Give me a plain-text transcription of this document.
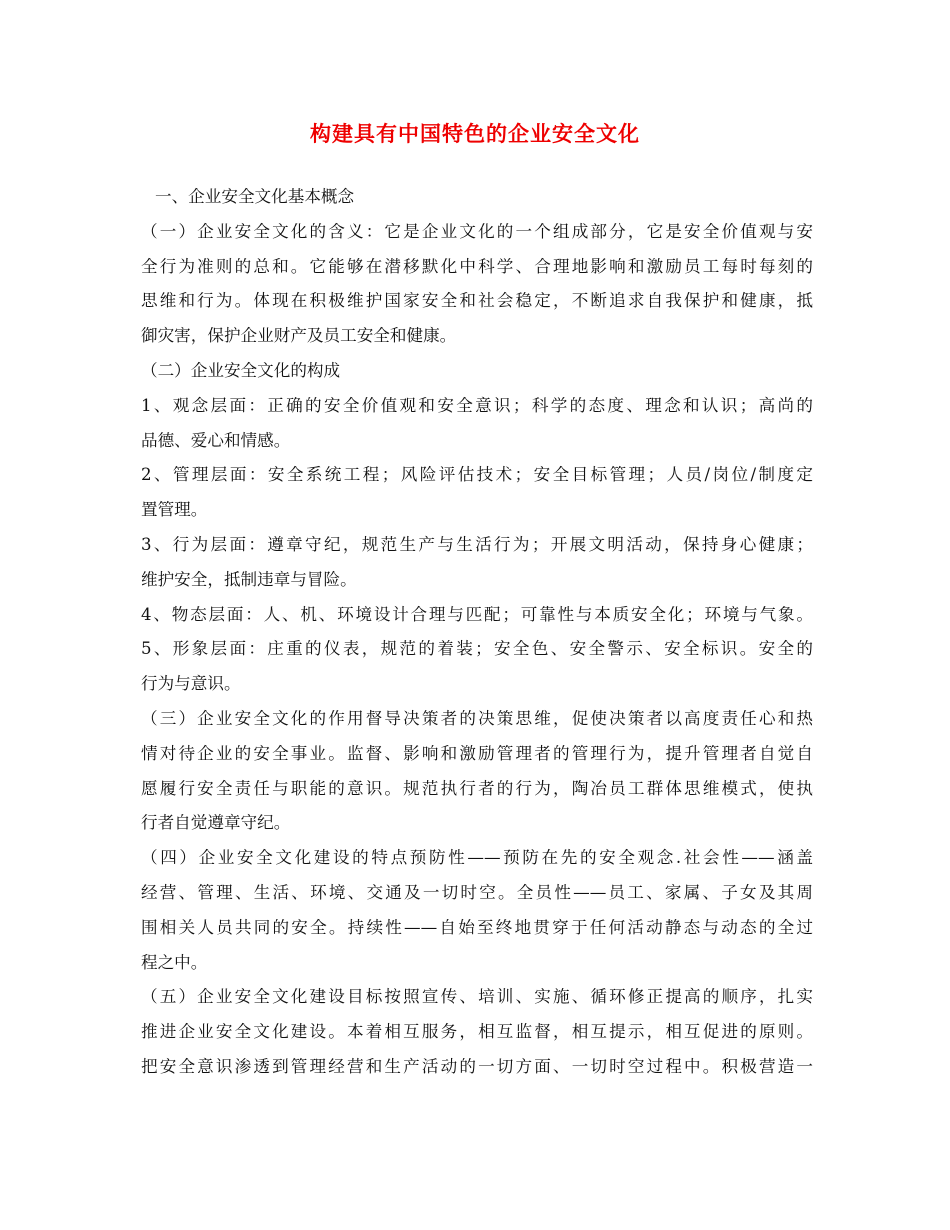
构建具有中国特色的企业安全文化
一、企业安全文化基本概念
（一）企业安全文化的含义：它是企业文化的一个组成部分，它是安全价值观与安
全行为准则的总和。它能够在潜移默化中科学、合理地影响和激励员工每时每刻的
思维和行为。体现在积极维护国家安全和社会稳定，不断追求自我保护和健康，抵
御灾害，保护企业财产及员工安全和健康。
（二）企业安全文化的构成
1、观念层面：正确的安全价值观和安全意识；科学的态度、理念和认识；高尚的
品德、爱心和情感。
2、管理层面：安全系统工程；风险评估技术；安全目标管理；人员/岗位/制度定
置管理。
3、行为层面：遵章守纪，规范生产与生活行为；开展文明活动，保持身心健康；
维护安全，抵制违章与冒险。
4、物态层面：人、机、环境设计合理与匹配；可靠性与本质安全化；环境与气象。
5、形象层面：庄重的仪表，规范的着装；安全色、安全警示、安全标识。安全的
行为与意识。
（三）企业安全文化的作用督导决策者的决策思维，促使决策者以高度责任心和热
情对待企业的安全事业。监督、影响和激励管理者的管理行为，提升管理者自觉自
愿履行安全责任与职能的意识。规范执行者的行为，陶冶员工群体思维模式，使执
行者自觉遵章守纪。
（四）企业安全文化建设的特点预防性——预防在先的安全观念.社会性——涵盖
经营、管理、生活、环境、交通及一切时空。全员性——员工、家属、子女及其周
围相关人员共同的安全。持续性——自始至终地贯穿于任何活动静态与动态的全过
程之中。
（五）企业安全文化建设目标按照宣传、培训、实施、循环修正提高的顺序，扎实
推进企业安全文化建设。本着相互服务，相互监督，相互提示，相互促进的原则。
把安全意识渗透到管理经营和生产活动的一切方面、一切时空过程中。积极营造一
